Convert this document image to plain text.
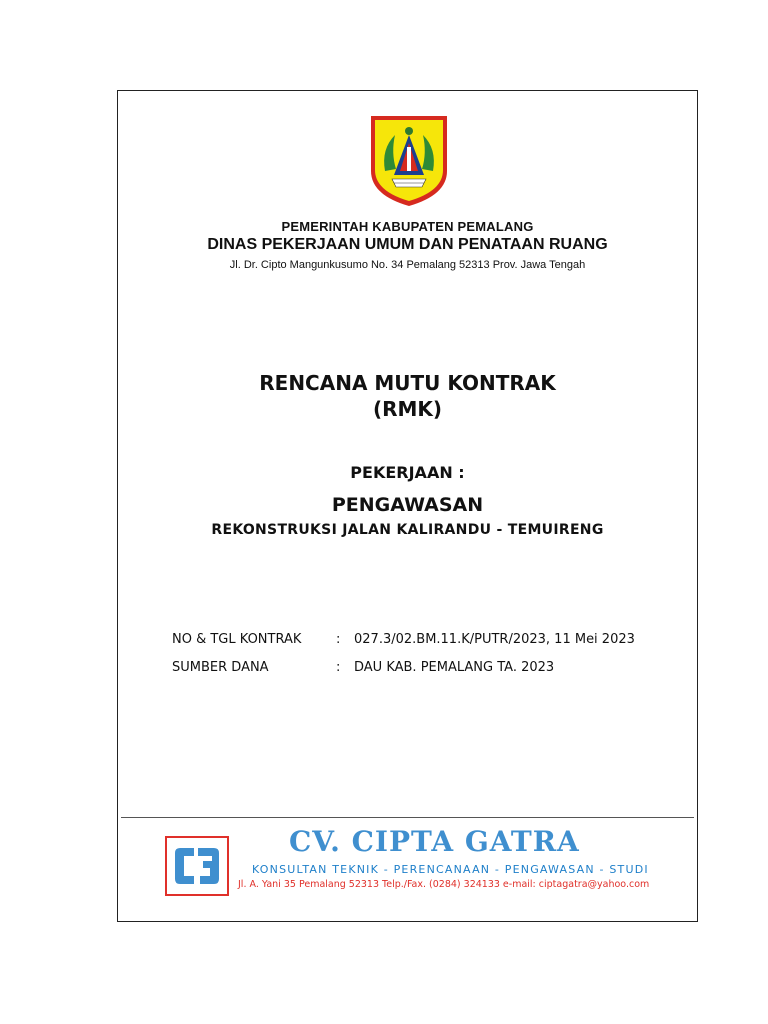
PEMERINTAH KABUPATEN PEMALANG
DINAS PEKERJAAN UMUM DAN PENATAAN RUANG
Jl. Dr. Cipto Mangunkusumo No. 34 Pemalang 52313 Prov. Jawa Tengah
RENCANA MUTU KONTRAK
(RMK)
PEKERJAAN :
PENGAWASAN
REKONSTRUKSI JALAN KALIRANDU - TEMUIRENG
NO & TGL KONTRAK	: 027.3/02.BM.11.K/PUTR/2023, 11 Mei 2023
SUMBER DANA	: DAU KAB. PEMALANG TA. 2023
CV. CIPTA GATRA
KONSULTAN TEKNIK - PERENCANAAN - PENGAWASAN - STUDI
Jl. A. Yani 35 Pemalang 52313 Telp./Fax. (0284) 324133 e-mail: ciptagatra@yahoo.com
